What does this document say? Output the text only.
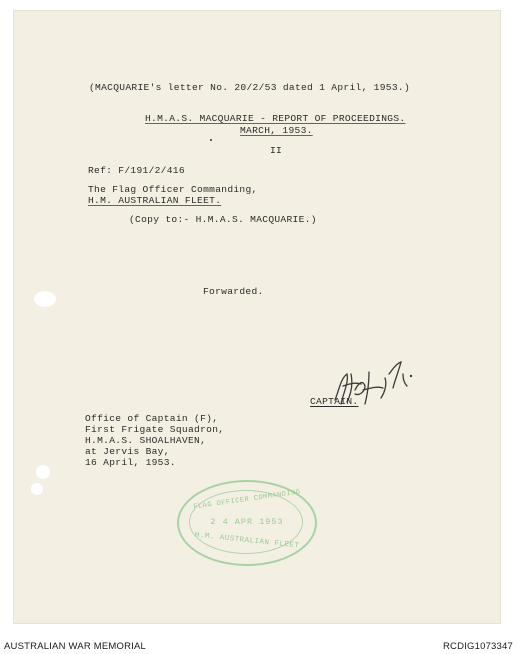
(MACQUARIE's letter No. 20/2/53 dated 1 April, 1953.)
H.M.A.S. MACQUARIE - REPORT OF PROCEEDINGS.
MARCH, 1953.
II
Ref: F/191/2/416
The Flag Officer Commanding,
H.M. AUSTRALIAN FLEET.
(Copy to:- H.M.A.S. MACQUARIE.)
Forwarded.
CAPTAIN.
Office of Captain (F),
First Frigate Squadron,
H.M.A.S. SHOALHAVEN,
at Jervis Bay,
16 April, 1953.
FLAG OFFICER COMMANDING
2 4 APR 1953
H.M. AUSTRALIAN FLEET
AUSTRALIAN WAR MEMORIAL	RCDIG1073347
